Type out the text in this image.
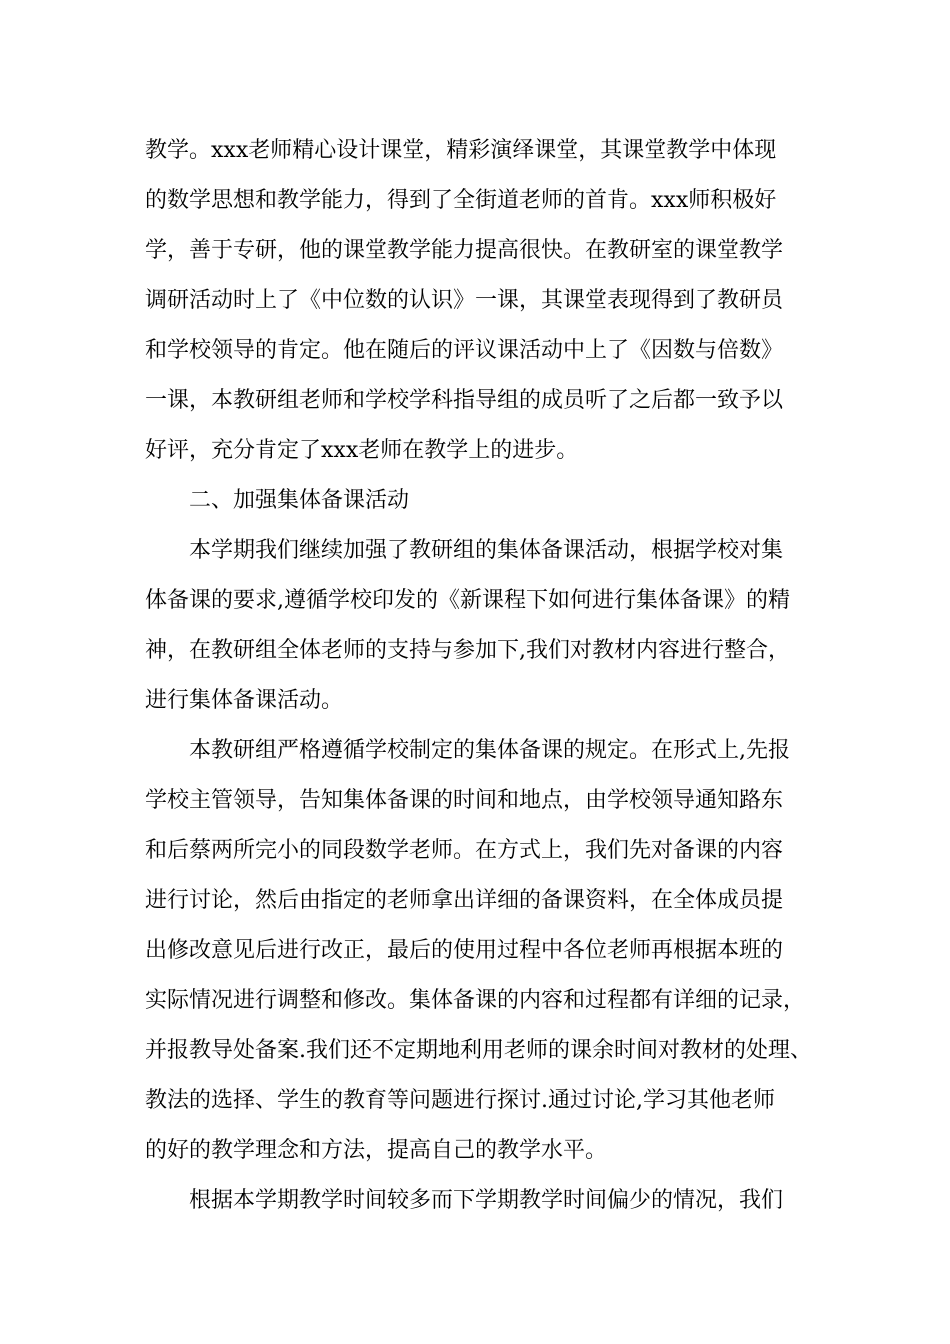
教学。xxx老师精心设计课堂，精彩演绎课堂，其课堂教学中体现
的数学思想和教学能力，得到了全街道老师的首肯。xxx师积极好
学，善于专研，他的课堂教学能力提高很快。在教研室的课堂教学
调研活动时上了《中位数的认识》一课，其课堂表现得到了教研员
和学校领导的肯定。他在随后的评议课活动中上了《因数与倍数》
一课，本教研组老师和学校学科指导组的成员听了之后都一致予以
好评，充分肯定了xxx老师在教学上的进步。
二、加强集体备课活动
本学期我们继续加强了教研组的集体备课活动，根据学校对集
体备课的要求,遵循学校印发的《新课程下如何进行集体备课》的精
神，在教研组全体老师的支持与参加下,我们对教材内容进行整合，
进行集体备课活动。
本教研组严格遵循学校制定的集体备课的规定。在形式上,先报
学校主管领导，告知集体备课的时间和地点，由学校领导通知路东
和后蔡两所完小的同段数学老师。在方式上，我们先对备课的内容
进行讨论，然后由指定的老师拿出详细的备课资料，在全体成员提
出修改意见后进行改正，最后的使用过程中各位老师再根据本班的
实际情况进行调整和修改。集体备课的内容和过程都有详细的记录，
并报教导处备案.我们还不定期地利用老师的课余时间对教材的处理、
教法的选择、学生的教育等问题进行探讨.通过讨论,学习其他老师
的好的教学理念和方法，提高自己的教学水平。
根据本学期教学时间较多而下学期教学时间偏少的情况，我们
